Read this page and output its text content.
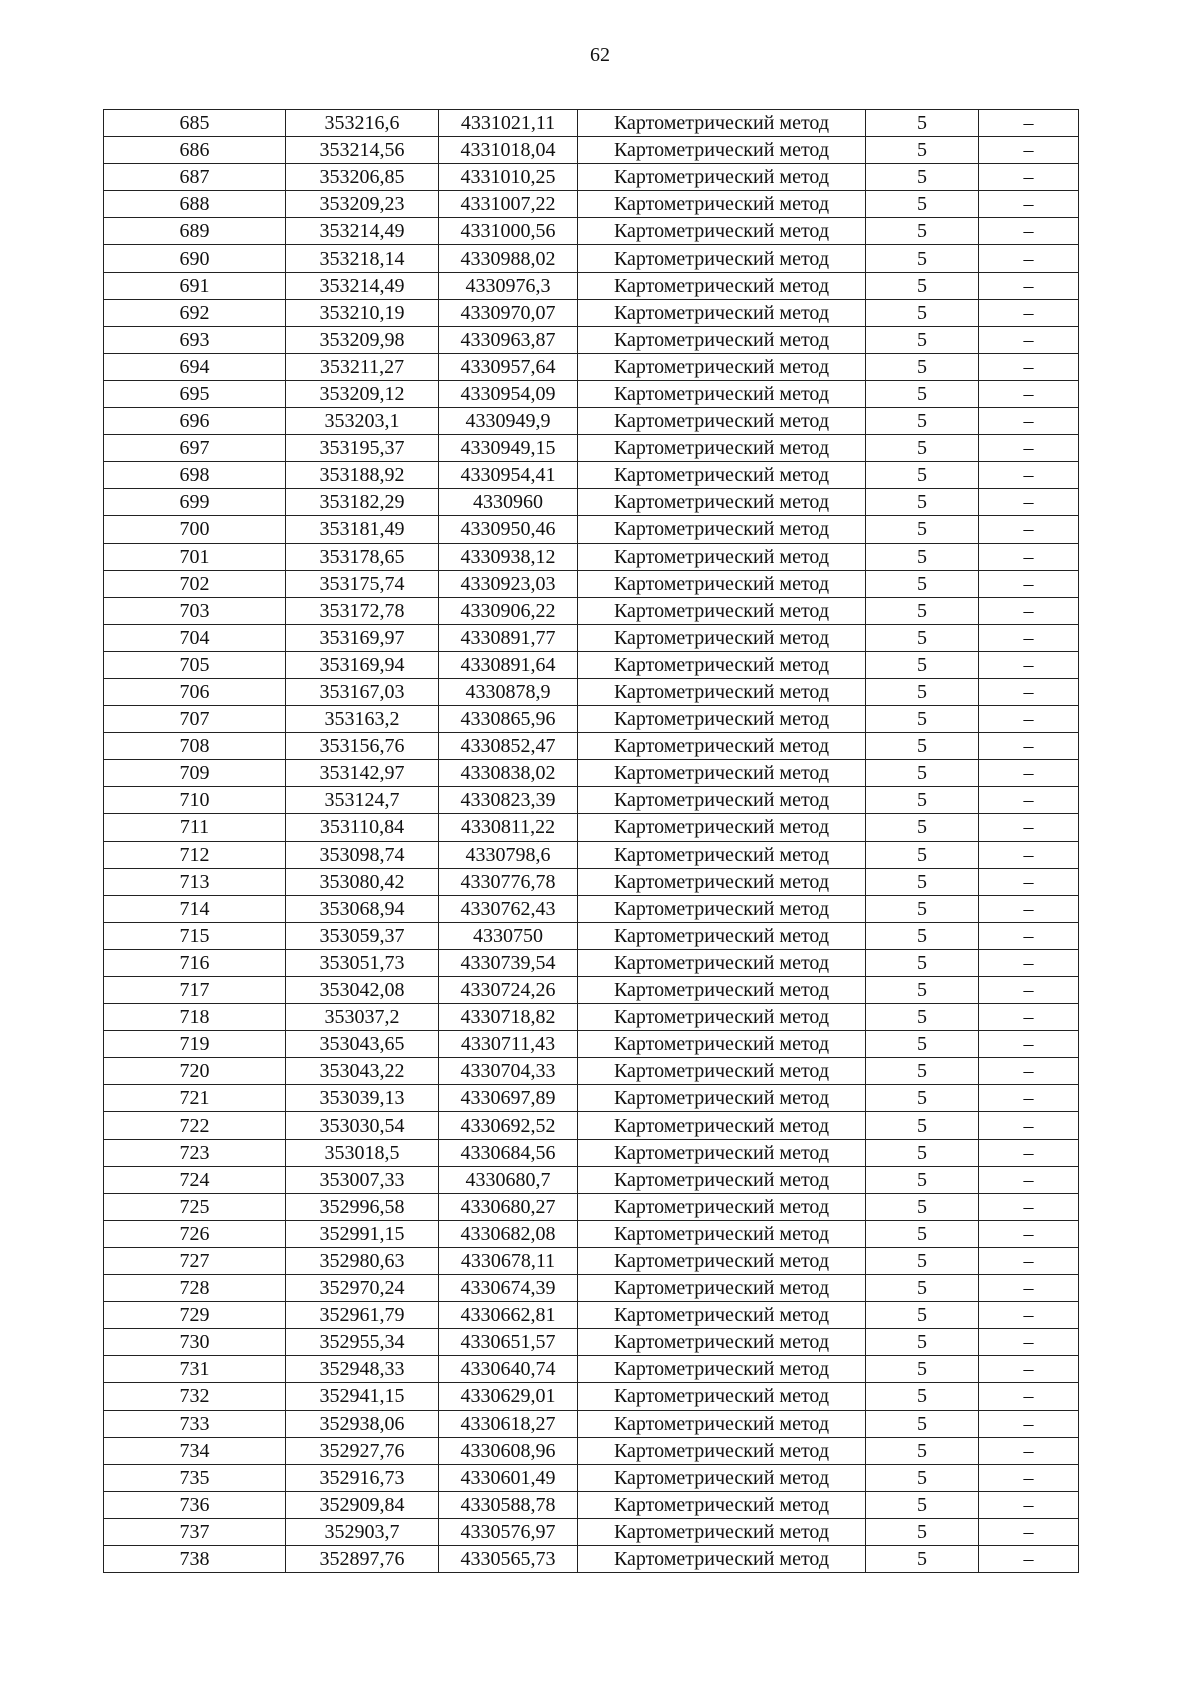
62
685	353216,6	4331021,11	Картометрический метод	5	–
686	353214,56	4331018,04	Картометрический метод	5	–
687	353206,85	4331010,25	Картометрический метод	5	–
688	353209,23	4331007,22	Картометрический метод	5	–
689	353214,49	4331000,56	Картометрический метод	5	–
690	353218,14	4330988,02	Картометрический метод	5	–
691	353214,49	4330976,3	Картометрический метод	5	–
692	353210,19	4330970,07	Картометрический метод	5	–
693	353209,98	4330963,87	Картометрический метод	5	–
694	353211,27	4330957,64	Картометрический метод	5	–
695	353209,12	4330954,09	Картометрический метод	5	–
696	353203,1	4330949,9	Картометрический метод	5	–
697	353195,37	4330949,15	Картометрический метод	5	–
698	353188,92	4330954,41	Картометрический метод	5	–
699	353182,29	4330960	Картометрический метод	5	–
700	353181,49	4330950,46	Картометрический метод	5	–
701	353178,65	4330938,12	Картометрический метод	5	–
702	353175,74	4330923,03	Картометрический метод	5	–
703	353172,78	4330906,22	Картометрический метод	5	–
704	353169,97	4330891,77	Картометрический метод	5	–
705	353169,94	4330891,64	Картометрический метод	5	–
706	353167,03	4330878,9	Картометрический метод	5	–
707	353163,2	4330865,96	Картометрический метод	5	–
708	353156,76	4330852,47	Картометрический метод	5	–
709	353142,97	4330838,02	Картометрический метод	5	–
710	353124,7	4330823,39	Картометрический метод	5	–
711	353110,84	4330811,22	Картометрический метод	5	–
712	353098,74	4330798,6	Картометрический метод	5	–
713	353080,42	4330776,78	Картометрический метод	5	–
714	353068,94	4330762,43	Картометрический метод	5	–
715	353059,37	4330750	Картометрический метод	5	–
716	353051,73	4330739,54	Картометрический метод	5	–
717	353042,08	4330724,26	Картометрический метод	5	–
718	353037,2	4330718,82	Картометрический метод	5	–
719	353043,65	4330711,43	Картометрический метод	5	–
720	353043,22	4330704,33	Картометрический метод	5	–
721	353039,13	4330697,89	Картометрический метод	5	–
722	353030,54	4330692,52	Картометрический метод	5	–
723	353018,5	4330684,56	Картометрический метод	5	–
724	353007,33	4330680,7	Картометрический метод	5	–
725	352996,58	4330680,27	Картометрический метод	5	–
726	352991,15	4330682,08	Картометрический метод	5	–
727	352980,63	4330678,11	Картометрический метод	5	–
728	352970,24	4330674,39	Картометрический метод	5	–
729	352961,79	4330662,81	Картометрический метод	5	–
730	352955,34	4330651,57	Картометрический метод	5	–
731	352948,33	4330640,74	Картометрический метод	5	–
732	352941,15	4330629,01	Картометрический метод	5	–
733	352938,06	4330618,27	Картометрический метод	5	–
734	352927,76	4330608,96	Картометрический метод	5	–
735	352916,73	4330601,49	Картометрический метод	5	–
736	352909,84	4330588,78	Картометрический метод	5	–
737	352903,7	4330576,97	Картометрический метод	5	–
738	352897,76	4330565,73	Картометрический метод	5	–
